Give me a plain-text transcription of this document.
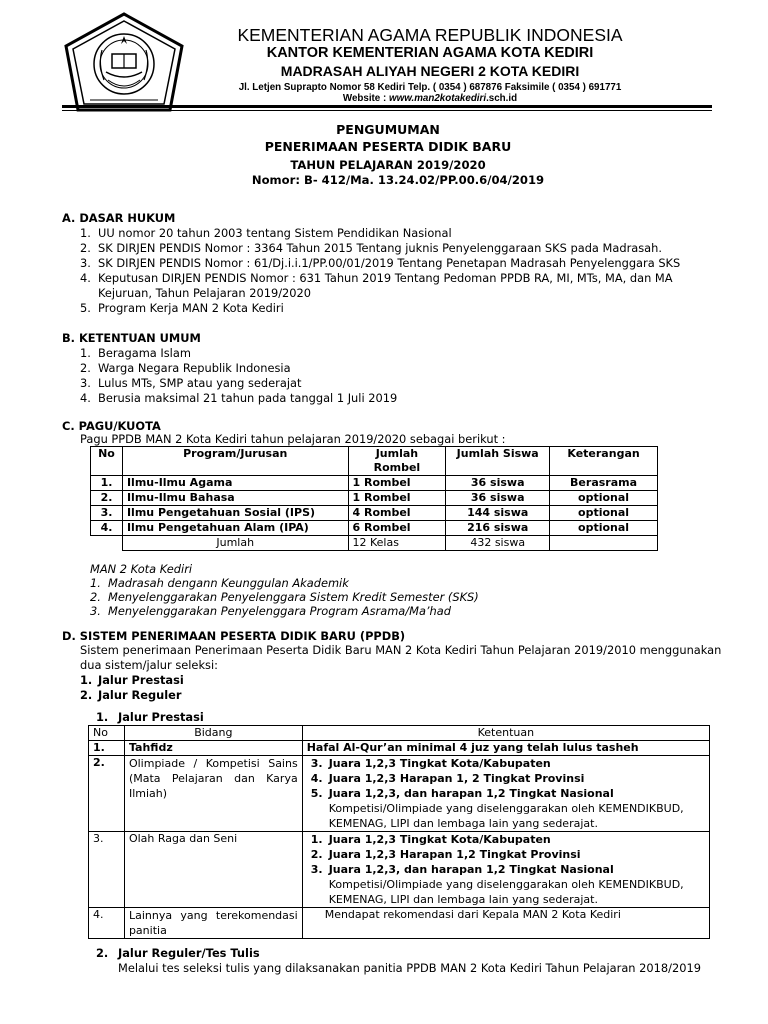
KEMENTERIAN AGAMA REPUBLIK INDONESIA
KANTOR KEMENTERIAN AGAMA KOTA KEDIRI
MADRASAH ALIYAH NEGERI 2 KOTA KEDIRI
Jl. Letjen Suprapto Nomor 58 Kediri Telp. ( 0354 ) 687876 Faksimile ( 0354 ) 691771
Website : www.man2kotakediri.sch.id
PENGUMUMAN
PENERIMAAN PESERTA DIDIK BARU
TAHUN PELAJARAN 2019/2020
Nomor: B- 412/Ma. 13.24.02/PP.00.6/04/2019
A. DASAR HUKUM
1. UU nomor 20 tahun 2003 tentang Sistem Pendidikan Nasional
2. SK DIRJEN PENDIS Nomor : 3364 Tahun 2015 Tentang juknis Penyelenggaraan SKS pada Madrasah.
3. SK DIRJEN PENDIS Nomor : 61/Dj.i.i.1/PP.00/01/2019 Tentang Penetapan Madrasah Penyelenggara SKS
4. Keputusan DIRJEN PENDIS Nomor : 631 Tahun 2019 Tentang Pedoman PPDB RA, MI, MTs, MA, dan MA
Kejuruan, Tahun Pelajaran 2019/2020
5. Program Kerja MAN 2 Kota Kediri
B. KETENTUAN UMUM
1. Beragama Islam
2. Warga Negara Republik Indonesia
3. Lulus MTs, SMP atau yang sederajat
4. Berusia maksimal 21 tahun pada tanggal 1 Juli 2019
C. PAGU/KUOTA
Pagu PPDB MAN 2 Kota Kediri tahun pelajaran 2019/2020 sebagai berikut :
No	Program/Jurusan	Jumlah
Rombel	Jumlah Siswa	Keterangan
1.	Ilmu-Ilmu Agama	1 Rombel	36 siswa	Berasrama
2.	Ilmu-Ilmu Bahasa	1 Rombel	36 siswa	optional
3.	Ilmu Pengetahuan Sosial (IPS)	4 Rombel	144 siswa	optional
4.	Ilmu Pengetahuan Alam (IPA)	6 Rombel	216 siswa	optional
	Jumlah	12 Kelas	432 siswa	
MAN 2 Kota Kediri
1. Madrasah dengann Keunggulan Akademik
2. Menyelenggarakan Penyelenggara Sistem Kredit Semester (SKS)
3. Menyelenggarakan Penyelenggara Program Asrama/Ma’had
D. SISTEM PENERIMAAN PESERTA DIDIK BARU (PPDB)
Sistem penerimaan Penerimaan Peserta Didik Baru MAN 2 Kota Kediri Tahun Pelajaran 2019/2010 menggunakan
dua sistem/jalur seleksi:
1. Jalur Prestasi
2. Jalur Reguler
1. Jalur Prestasi
No	Bidang	Ketentuan
1.	Tahfidz	Hafal Al-Qur’an minimal 4 juz yang telah lulus tasheh
2.	Olimpiade / Kompetisi Sains (Mata Pelajaran dan Karya Ilmiah)	3. Juara 1,2,3 Tingkat Kota/Kabupaten
4. Juara 1,2,3 Harapan 1, 2 Tingkat Provinsi
5. Juara 1,2,3, dan harapan 1,2 Tingkat Nasional
Kompetisi/Olimpiade yang diselenggarakan oleh KEMENDIKBUD,
KEMENAG, LIPI dan lembaga lain yang sederajat.

3.	Olah Raga dan Seni	1. Juara 1,2,3 Tingkat Kota/Kabupaten
2. Juara 1,2,3 Harapan 1,2 Tingkat Provinsi
3. Juara 1,2,3, dan harapan 1,2 Tingkat Nasional
Kompetisi/Olimpiade yang diselenggarakan oleh KEMENDIKBUD,
KEMENAG, LIPI dan lembaga lain yang sederajat.

4.	Lainnya yang terekomendasi panitia	Mendapat rekomendasi dari Kepala MAN 2 Kota Kediri
2. Jalur Reguler/Tes Tulis
Melalui tes seleksi tulis yang dilaksanakan panitia PPDB MAN 2 Kota Kediri Tahun Pelajaran 2018/2019
